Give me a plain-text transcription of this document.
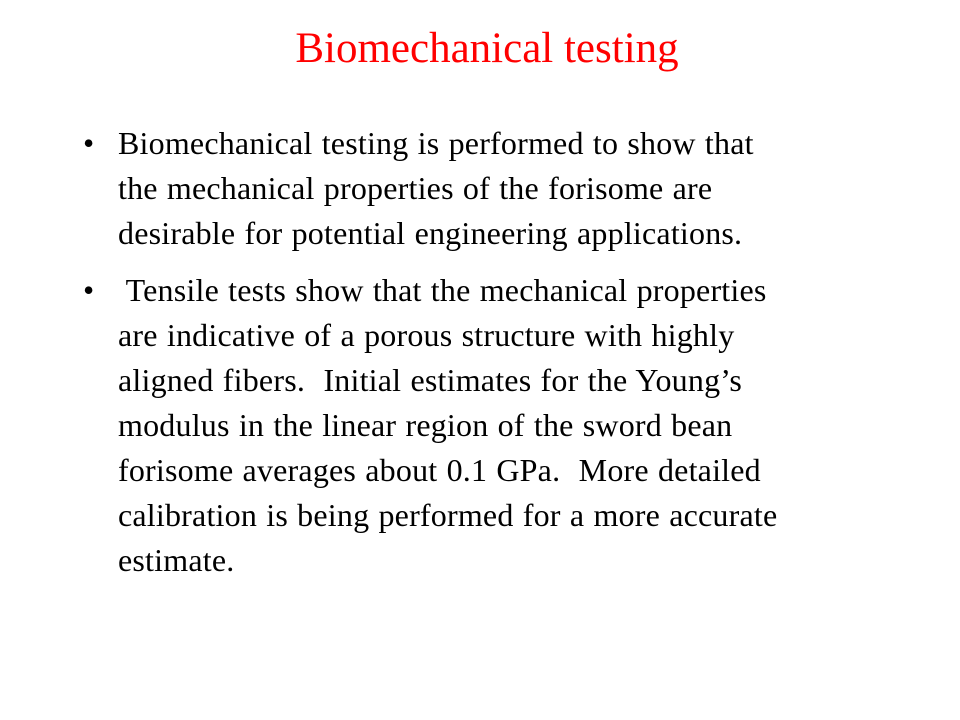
Biomechanical testing
• Biomechanical testing is performed to show that
the mechanical properties of the forisome are
desirable for potential engineering applications.
• Tensile tests show that the mechanical properties
are indicative of a porous structure with highly
aligned fibers.  Initial estimates for the Young’s
modulus in the linear region of the sword bean
forisome averages about 0.1 GPa.  More detailed
calibration is being performed for a more accurate
estimate.
